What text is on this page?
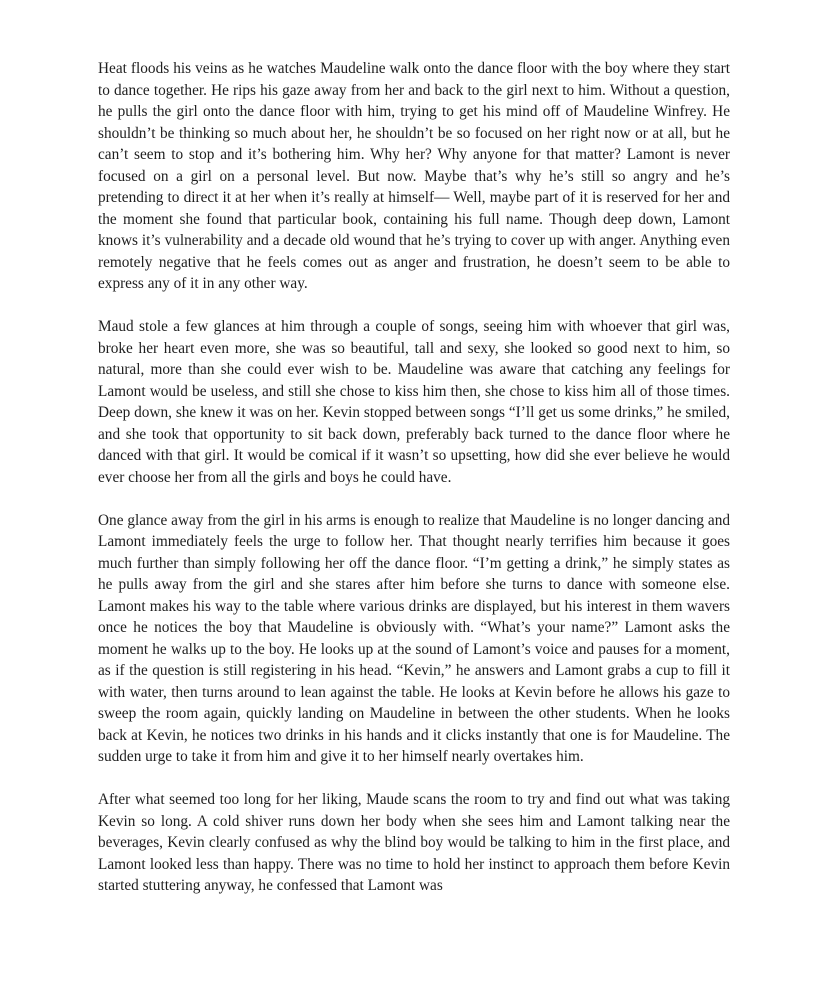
Heat floods his veins as he watches Maudeline walk onto the dance floor with the boy where they start to dance together. He rips his gaze away from her and back to the girl next to him. Without a question, he pulls the girl onto the dance floor with him, trying to get his mind off of Maudeline Winfrey. He shouldn’t be thinking so much about her, he shouldn’t be so focused on her right now or at all, but he can’t seem to stop and it’s bothering him. Why her? Why anyone for that matter? Lamont is never focused on a girl on a personal level. But now. Maybe that’s why he’s still so angry and he’s pretending to direct it at her when it’s really at himself— Well, maybe part of it is reserved for her and the moment she found that particular book, containing his full name. Though deep down, Lamont knows it’s vulnerability and a decade old wound that he’s trying to cover up with anger. Anything even remotely negative that he feels comes out as anger and frustration, he doesn’t seem to be able to express any of it in any other way.

Maud stole a few glances at him through a couple of songs, seeing him with whoever that girl was, broke her heart even more, she was so beautiful, tall and sexy, she looked so good next to him, so natural, more than she could ever wish to be. Maudeline was aware that catching any feelings for Lamont would be useless, and still she chose to kiss him then, she chose to kiss him all of those times. Deep down, she knew it was on her. Kevin stopped between songs “I’ll get us some drinks,” he smiled, and she took that opportunity to sit back down, preferably back turned to the dance floor where he danced with that girl. It would be comical if it wasn’t so upsetting, how did she ever believe he would ever choose her from all the girls and boys he could have.

One glance away from the girl in his arms is enough to realize that Maudeline is no longer dancing and Lamont immediately feels the urge to follow her. That thought nearly terrifies him because it goes much further than simply following her off the dance floor. “I’m getting a drink,” he simply states as he pulls away from the girl and she stares after him before she turns to dance with someone else. Lamont makes his way to the table where various drinks are displayed, but his interest in them wavers once he notices the boy that Maudeline is obviously with. “What’s your name?” Lamont asks the moment he walks up to the boy. He looks up at the sound of Lamont’s voice and pauses for a moment, as if the question is still registering in his head. “Kevin,” he answers and Lamont grabs a cup to fill it with water, then turns around to lean against the table. He looks at Kevin before he allows his gaze to sweep the room again, quickly landing on Maudeline in between the other students. When he looks back at Kevin, he notices two drinks in his hands and it clicks instantly that one is for Maudeline. The sudden urge to take it from him and give it to her himself nearly overtakes him.

After what seemed too long for her liking, Maude scans the room to try and find out what was taking Kevin so long. A cold shiver runs down her body when she sees him and Lamont talking near the beverages, Kevin clearly confused as why the blind boy would be talking to him in the first place, and Lamont looked less than happy. There was no time to hold her instinct to approach them before Kevin started stuttering anyway, he confessed that Lamont was
